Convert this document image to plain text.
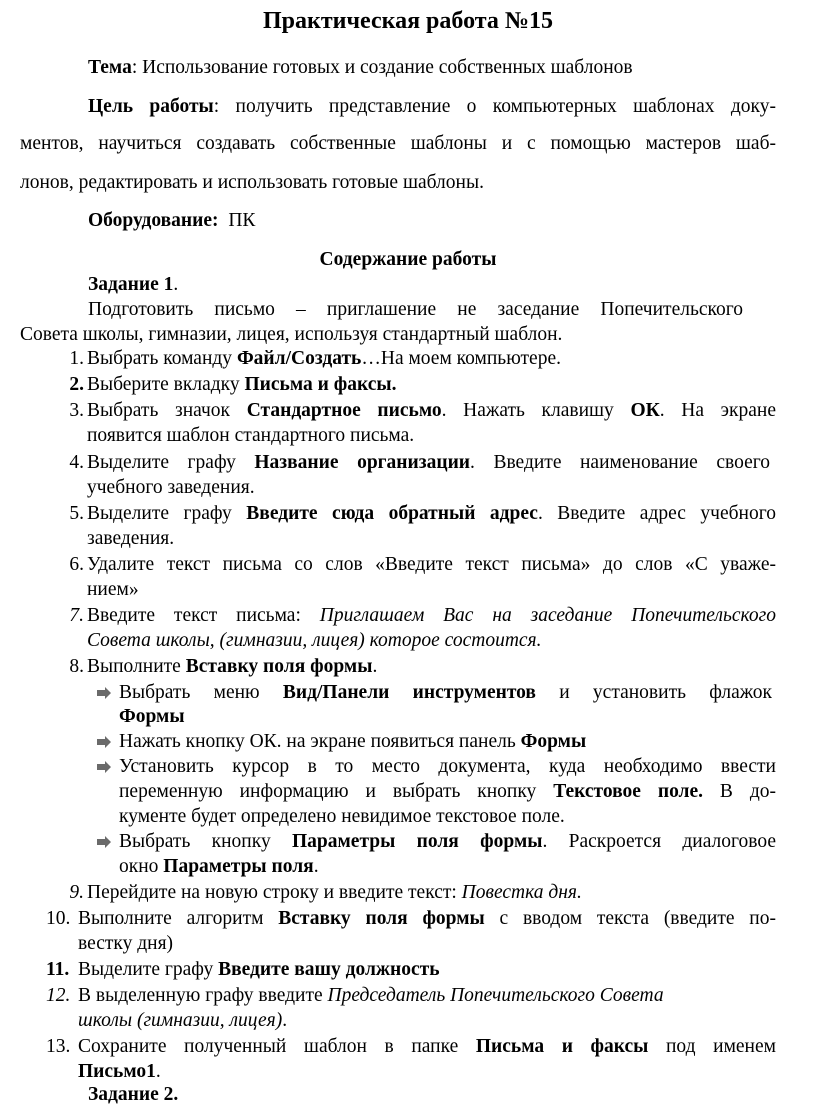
Практическая работа №15
Тема: Использование готовых и создание собственных шаблонов
Цель работы: получить представление о компьютерных шаблонах доку-
ментов, научиться создавать собственные шаблоны и с помощью мастеров шаб-
лонов, редактировать и использовать готовые шаблоны.
Оборудование: ПК
Содержание работы
Задание 1.
Подготовить письмо – приглашение не заседание Попечительского
Совета школы, гимназии, лицея, используя стандартный шаблон.
1. Выбрать команду Файл/Создать…На моем компьютере.
2. Выберите вкладку Письма и факсы.
3. Выбрать значок Стандартное письмо. Нажать клавишу ОК. На экране
появится шаблон стандартного письма.
4. Выделите графу Название организации. Введите наименование своего
учебного заведения.
5. Выделите графу Введите сюда обратный адрес. Введите адрес учебного
заведения.
6. Удалите текст письма со слов «Введите текст письма» до слов «С уваже-
нием»
7. Введите текст письма: Приглашаем Вас на заседание Попечительского
Совета школы, (гимназии, лицея) которое состоится.
8. Выполните Вставку поля формы.
Выбрать меню Вид/Панели инструментов и установить флажок
Формы
Нажать кнопку ОК. на экране появиться панель Формы
Установить курсор в то место документа, куда необходимо ввести
переменную информацию и выбрать кнопку Текстовое поле. В до-
кументе будет определено невидимое текстовое поле.
Выбрать кнопку Параметры поля формы. Раскроется диалоговое
окно Параметры поля.
9. Перейдите на новую строку и введите текст: Повестка дня.
10. Выполните алгоритм Вставку поля формы с вводом текста (введите по-
вестку дня)
11. Выделите графу Введите вашу должность
12. В выделенную графу введите Председатель Попечительского Совета
школы (гимназии, лицея).
13. Сохраните полученный шаблон в папке Письма и факсы под именем
Письмо1.
Задание 2.
